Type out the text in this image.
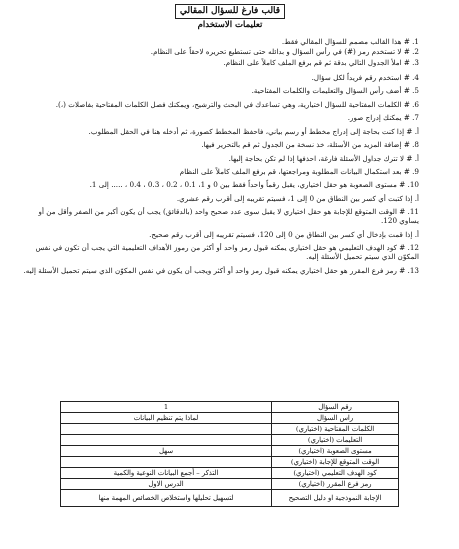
قالب فارغ للسؤال المقالي
تعليمات الاستخدام
1. # هذا القالب مصمم للسؤال المقالي فقط.
2. # لا تستخدم رمز (#) في رأس السؤال و بدائله حتى تستطيع تحريره لاحقاً على النظام.
3. # املأ الجدول التالي بدقة ثم قم برفع الملف كاملاً على النظام.
4. # استخدم رقم فريداً لكل سؤال.
5. # أضف رأس السؤال والتعليمات والكلمات المفتاحية.
6. # الكلمات المفتاحية للسؤال اختيارية، وهي تساعدك في البحث والترشيح، ويمكنك فصل الكلمات المفتاحية بفاصلات (،).
7. # يمكنك إدراج صور.
أ. # إذا كنت بحاجة إلى إدراج مخطط أو رسم بياني، فاحفظ المخطط كصورة، ثم أدخله هنا في الحقل المطلوب.
8. # إضافة المزيد من الأسئلة، خذ نسخة من الجدول ثم قم بالتحرير فيها.
أ. # لا تترك جداول الأسئلة فارغة، احذفها إذا لم تكن بحاجة إليها.
9. # بعد استكمال البيانات المطلوبة ومراجعتها، قم برفع الملف كاملاً على النظام
10. # مستوى الصعوبة هو حقل اختياري، يقبل رقماً واحداً فقط بين 0 و 1، 0.1 ، 0.2 ، 0.3 ، 0.4 ، ..... إلى 1.
أ. إذا كتبت أي كسر بين النطاق من 0 إلى 1، فسيتم تقريبه إلى أقرب رقم عشري.
11. # الوقت المتوقع للإجابة هو حقل اختياري لا يقبل سوى عدد صحيح واحد (بالدقائق) يجب أن يكون أكبر من الصفر وأقل من أو يساوي 120.
أ. إذا قمت بإدخال أي كسر بين النطاق من 0 إلى 120، فسيتم تقريبه إلى أقرب رقم صحيح.
12. # كود الهدف التعليمي هو حقل اختياري يمكنه قبول رمز واحد أو أكثر من رموز الأهداف التعليمية التي يجب أن تكون في نفس المكوّن الذي سيتم تحميل الأسئلة إليه.
13. # رمز فرع المقرر هو حقل اختياري يمكنه قبول رمز واحد أو أكثر ويجب أن يكون في نفس المكوّن الذي سيتم تحميل الأسئلة إليه.
رقم السؤال	1
راس السؤال	لماذا يتم تنظيم البيانات
الكلمات المفتاحية (اختياري)	
التعليمات (اختياري)	
مستوى الصعوبة (اختياري)	سهل
الوقت المتوقع للإجابة (اختياري)	
كود الهدف التعليمي (اختياري)	التذكر – أجمع البيانات النوعية والكمية
رمز فرع المقرر (اختياري)	الدرس الاول
الإجابة النموذجية او دليل التصحيح	لتسهيل تحليلها واستخلاص الخصائص المهمة منها
